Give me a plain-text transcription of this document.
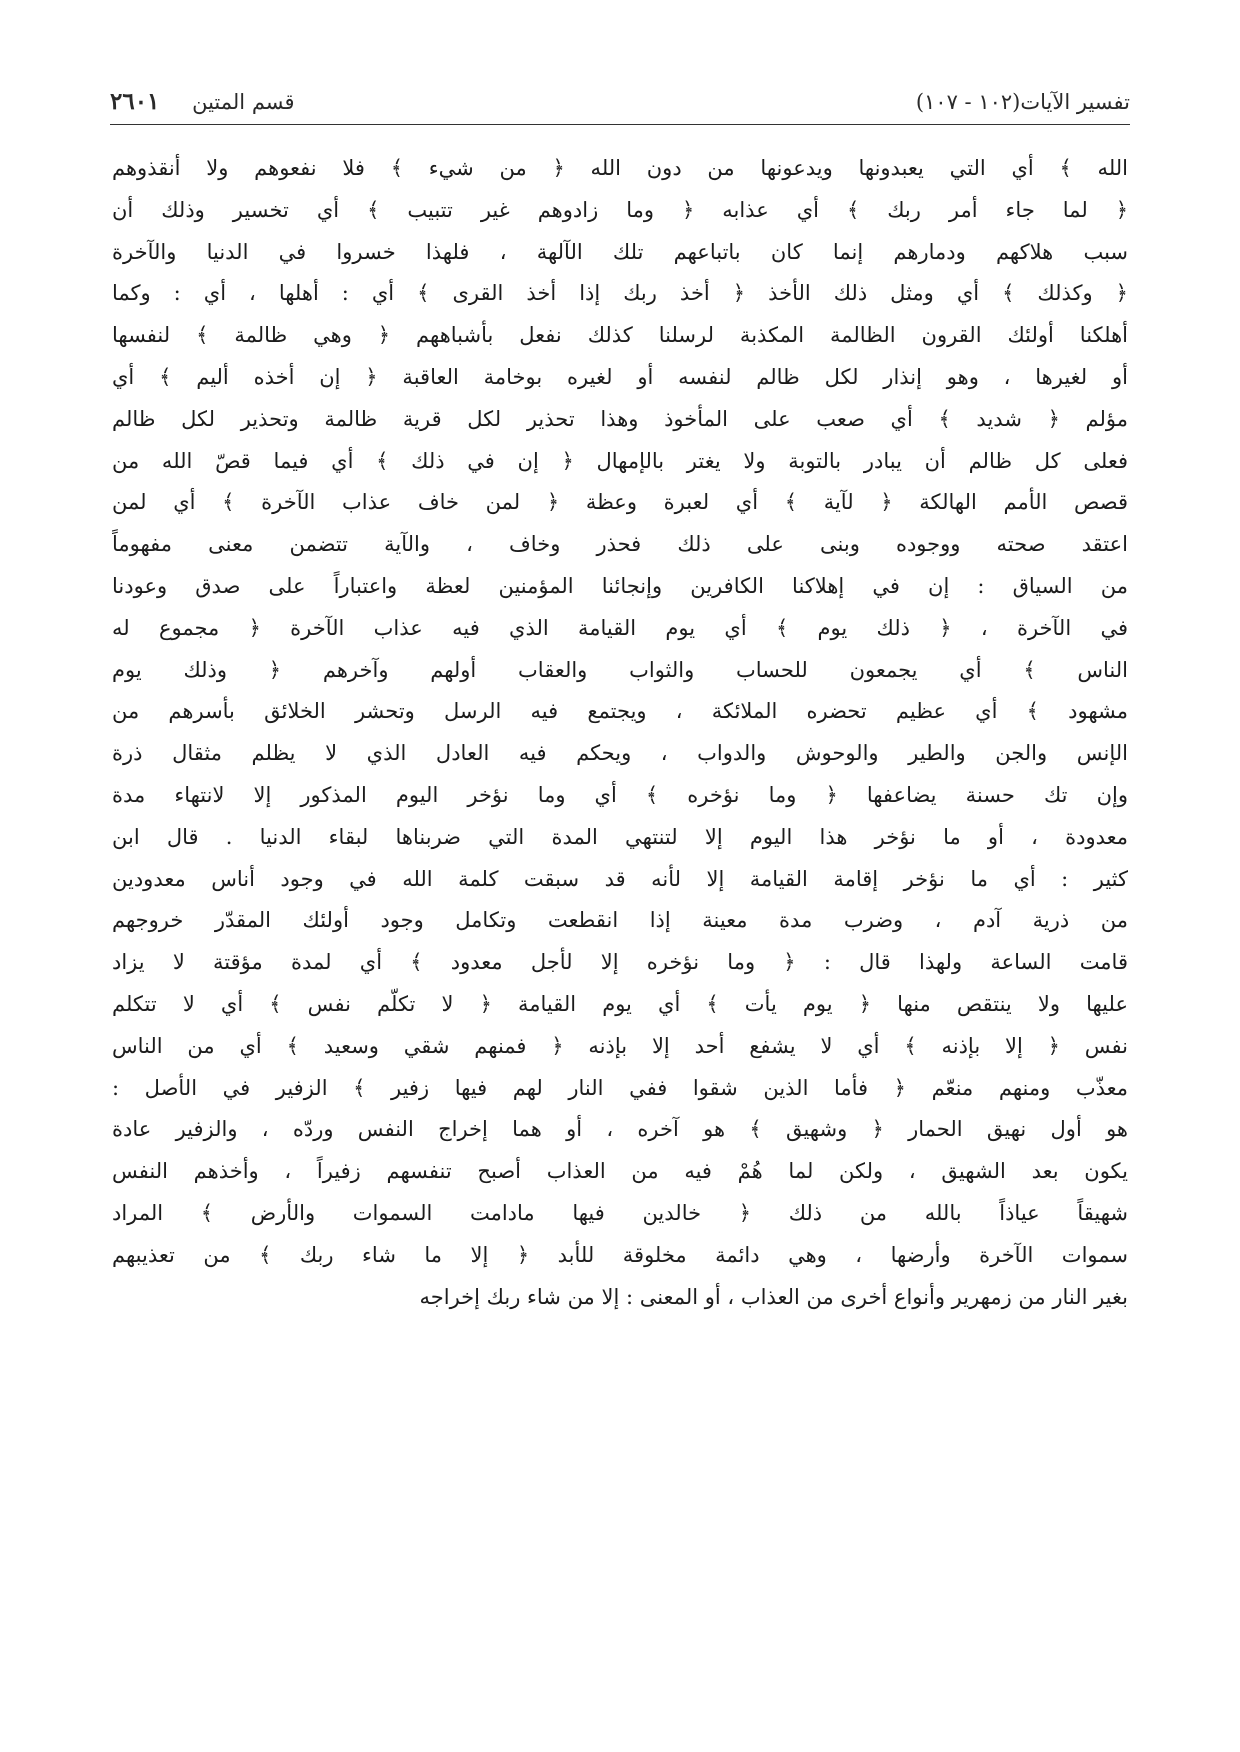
تفسير الآيات(١٠٢ - ١٠٧)
قسم المتين ٢٦٠١
الله ﴾ أي التي يعبدونها ويدعونها من دون الله ﴿ من شيء ﴾ فلا نفعوهم ولا أنقذوهم
﴿ لما جاء أمر ربك ﴾ أي عذابه ﴿ وما زادوهم غير تتبيب ﴾ أي تخسير وذلك أن
سبب هلاكهم ودمارهم إنما كان باتباعهم تلك الآلهة ، فلهذا خسروا في الدنيا والآخرة
﴿ وكذلك ﴾ أي ومثل ذلك الأخذ ﴿ أخذ ربك إذا أخذ القرى ﴾ أي : أهلها ، أي : وكما
أهلكنا أولئك القرون الظالمة المكذبة لرسلنا كذلك نفعل بأشباههم ﴿ وهي ظالمة ﴾ لنفسها
أو لغيرها ، وهو إنذار لكل ظالم لنفسه أو لغيره بوخامة العاقبة ﴿ إن أخذه أليم ﴾ أي
مؤلم ﴿ شديد ﴾ أي صعب على المأخوذ وهذا تحذير لكل قرية ظالمة وتحذير لكل ظالم
فعلى كل ظالم أن يبادر بالتوبة ولا يغتر بالإمهال ﴿ إن في ذلك ﴾ أي فيما قصّ الله من
قصص الأمم الهالكة ﴿ لآية ﴾ أي لعبرة وعظة ﴿ لمن خاف عذاب الآخرة ﴾ أي لمن
اعتقد صحته ووجوده وبنى على ذلك فحذر وخاف ، والآية تتضمن معنى مفهوماً
من السياق : إن في إهلاكنا الكافرين وإنجائنا المؤمنين لعظة واعتباراً على صدق وعودنا
في الآخرة ، ﴿ ذلك يوم ﴾ أي يوم القيامة الذي فيه عذاب الآخرة ﴿ مجموع له
الناس ﴾ أي يجمعون للحساب والثواب والعقاب أولهم وآخرهم ﴿ وذلك يوم
مشهود ﴾ أي عظيم تحضره الملائكة ، ويجتمع فيه الرسل وتحشر الخلائق بأسرهم من
الإنس والجن والطير والوحوش والدواب ، ويحكم فيه العادل الذي لا يظلم مثقال ذرة
وإن تك حسنة يضاعفها ﴿ وما نؤخره ﴾ أي وما نؤخر اليوم المذكور إلا لانتهاء مدة
معدودة ، أو ما نؤخر هذا اليوم إلا لتنتهي المدة التي ضربناها لبقاء الدنيا . قال ابن
كثير : أي ما نؤخر إقامة القيامة إلا لأنه قد سبقت كلمة الله في وجود أناس معدودين
من ذرية آدم ، وضرب مدة معينة إذا انقطعت وتكامل وجود أولئك المقدّر خروجهم
قامت الساعة ولهذا قال : ﴿ وما نؤخره إلا لأجل معدود ﴾ أي لمدة مؤقتة لا يزاد
عليها ولا ينتقص منها ﴿ يوم يأت ﴾ أي يوم القيامة ﴿ لا تكلّم نفس ﴾ أي لا تتكلم
نفس ﴿ إلا بإذنه ﴾ أي لا يشفع أحد إلا بإذنه ﴿ فمنهم شقي وسعيد ﴾ أي من الناس
معذّب ومنهم منعّم ﴿ فأما الذين شقوا ففي النار لهم فيها زفير ﴾ الزفير في الأصل :
هو أول نهيق الحمار ﴿ وشهيق ﴾ هو آخره ، أو هما إخراج النفس وردّه ، والزفير عادة
يكون بعد الشهيق ، ولكن لما هُمْ فيه من العذاب أصبح تنفسهم زفيراً ، وأخذهم النفس
شهيقاً عياذاً بالله من ذلك ﴿ خالدين فيها مادامت السموات والأرض ﴾ المراد
سموات الآخرة وأرضها ، وهي دائمة مخلوقة للأبد ﴿ إلا ما شاء ربك ﴾ من تعذيبهم
بغير النار من زمهرير وأنواع أخرى من العذاب ، أو المعنى : إلا من شاء ربك إخراجه
